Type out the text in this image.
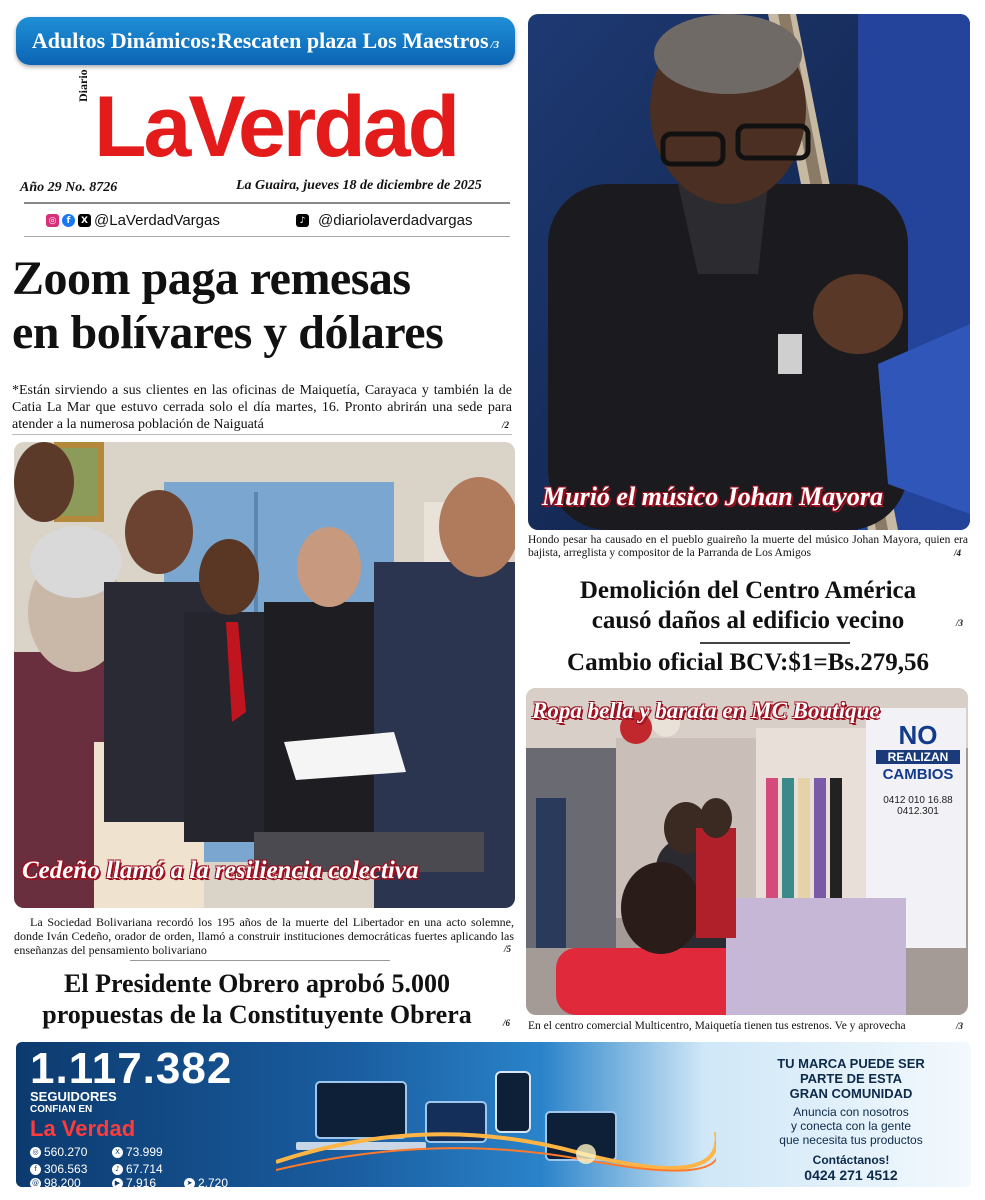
Adultos Dinámicos:Rescaten plaza Los Maestros /3
Diario LaVerdad
Año 29 No. 8726	La Guaira, jueves 18 de diciembre de 2025
◎	f	X @LaVerdadVargas	♪ @diariolaverdadvargas
Zoom paga remesas
en bolívares y dólares
*Están sirviendo a sus clientes en las oficinas de Maiquetía, Carayaca y también la de Catia La Mar que estuvo cerrada solo el día martes, 16. Pronto abrirán una sede para atender a la numerosa población de Naiguatá	/2
Cedeño llamó a la resiliencia colectiva
La Sociedad Bolivariana recordó los 195 años de la muerte del Libertador en una acto solemne, donde Iván Cedeño, orador de orden, llamó a construir instituciones democráticas fuertes aplicando las enseñanzas del pensamiento bolivariano	/5
El Presidente Obrero aprobó 5.000
propuestas de la Constituyente Obrera	/6
Murió el músico Johan Mayora
Hondo pesar ha causado en el pueblo guaireño la muerte del músico Johan Mayora, quien era bajista, arreglista y compositor de la Parranda de Los Amigos	/4
Demolición del Centro América
causó daños al edificio vecino	/3
Cambio oficial BCV:$1=Bs.279,56
NO
REALIZAN
CAMBIOS
0412 010 16.88
0412.301
Ropa bella y barata en MC Boutique
En el centro comercial Multicentro, Maiquetía tienen tus estrenos. Ve y aprovecha	/3
1.117.382
SEGUIDORES
CONFIAN EN
La Verdad
◎ 560.270	X 73.999
f 306.563	♪ 67.714
@ 98.200	▶ 7.916	➤ 2.720
TU MARCA PUEDE SER
PARTE DE ESTA
GRAN COMUNIDAD
Anuncia con nosotros
y conecta con la gente
que necesita tus productos
Contáctanos!
0424 271 4512
